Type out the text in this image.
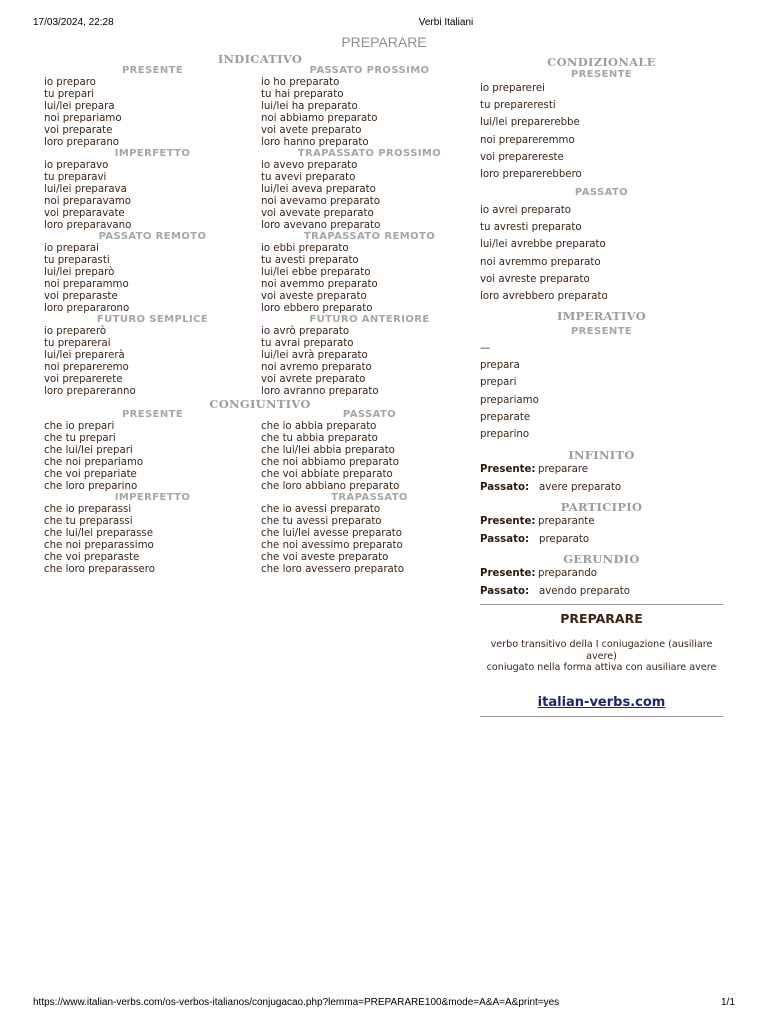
17/03/2024, 22:28	Verbi Italiani
PREPARARE
INDICATIVO
PRESENTE
io preparo
tu prepari
lui/lei prepara
noi prepariamo
voi preparate
loro preparano
PASSATO PROSSIMO
io ho preparato
tu hai preparato
lui/lei ha preparato
noi abbiamo preparato
voi avete preparato
loro hanno preparato
IMPERFETTO
io preparavo
tu preparavi
lui/lei preparava
noi preparavamo
voi preparavate
loro preparavano
TRAPASSATO PROSSIMO
io avevo preparato
tu avevi preparato
lui/lei aveva preparato
noi avevamo preparato
voi avevate preparato
loro avevano preparato
PASSATO REMOTO
io preparai
tu preparasti
lui/lei preparò
noi preparammo
voi preparaste
loro prepararono
TRAPASSATO REMOTO
io ebbi preparato
tu avesti preparato
lui/lei ebbe preparato
noi avemmo preparato
voi aveste preparato
loro ebbero preparato
FUTURO SEMPLICE
io preparerò
tu preparerai
lui/lei preparerà
noi prepareremo
voi preparerete
loro prepareranno
FUTURO ANTERIORE
io avrò preparato
tu avrai preparato
lui/lei avrà preparato
noi avremo preparato
voi avrete preparato
loro avranno preparato
CONGIUNTIVO
PRESENTE
che io prepari
che tu prepari
che lui/lei prepari
che noi prepariamo
che voi prepariate
che loro preparino
PASSATO
che io abbia preparato
che tu abbia preparato
che lui/lei abbia preparato
che noi abbiamo preparato
che voi abbiate preparato
che loro abbiano preparato
IMPERFETTO
che io preparassi
che tu preparassi
che lui/lei preparasse
che noi preparassimo
che voi preparaste
che loro preparassero
TRAPASSATO
che io avessi preparato
che tu avessi preparato
che lui/lei avesse preparato
che noi avessimo preparato
che voi aveste preparato
che loro avessero preparato
CONDIZIONALE
PRESENTE
io preparerei
tu prepareresti
lui/lei preparerebbe
noi prepareremmo
voi preparereste
loro preparerebbero
PASSATO
io avrei preparato
tu avresti preparato
lui/lei avrebbe preparato
noi avremmo preparato
voi avreste preparato
loro avrebbero preparato
IMPERATIVO
PRESENTE
—
prepara
prepari
prepariamo
preparate
preparino
INFINITO
Presente: preparare
Passato: avere preparato
PARTICIPIO
Presente: preparante
Passato: preparato
GERUNDIO
Presente: preparando
Passato: avendo preparato
PREPARARE
verbo transitivo della I coniugazione (ausiliare avere)
coniugato nella forma attiva con ausiliare avere
italian-verbs.com
https://www.italian-verbs.com/os-verbos-italianos/conjugacao.php?lemma=PREPARARE100&mode=A&A=A&print=yes	1/1
